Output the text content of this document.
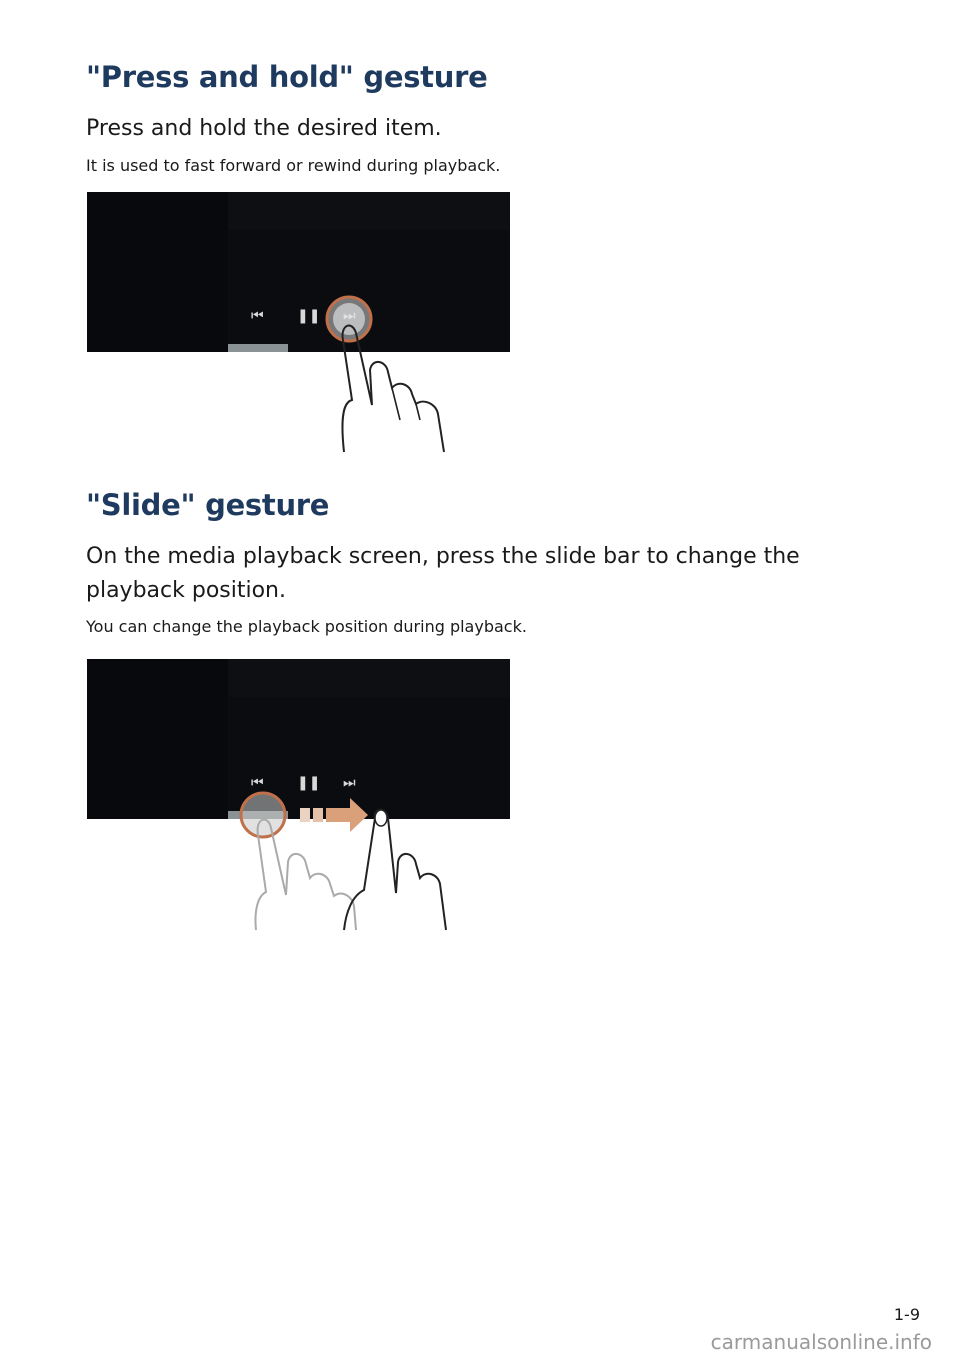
"Press and hold" gesture

Press and hold the desired item.

It is used to fast forward or rewind during playback.

⏮ ❚❚
"Slide" gesture

On the media playback screen, press the slide bar to change the playback position.

You can change the playback position during playback.

⏮ ❚❚ ⏭
1-9
carmanualsonline.info
